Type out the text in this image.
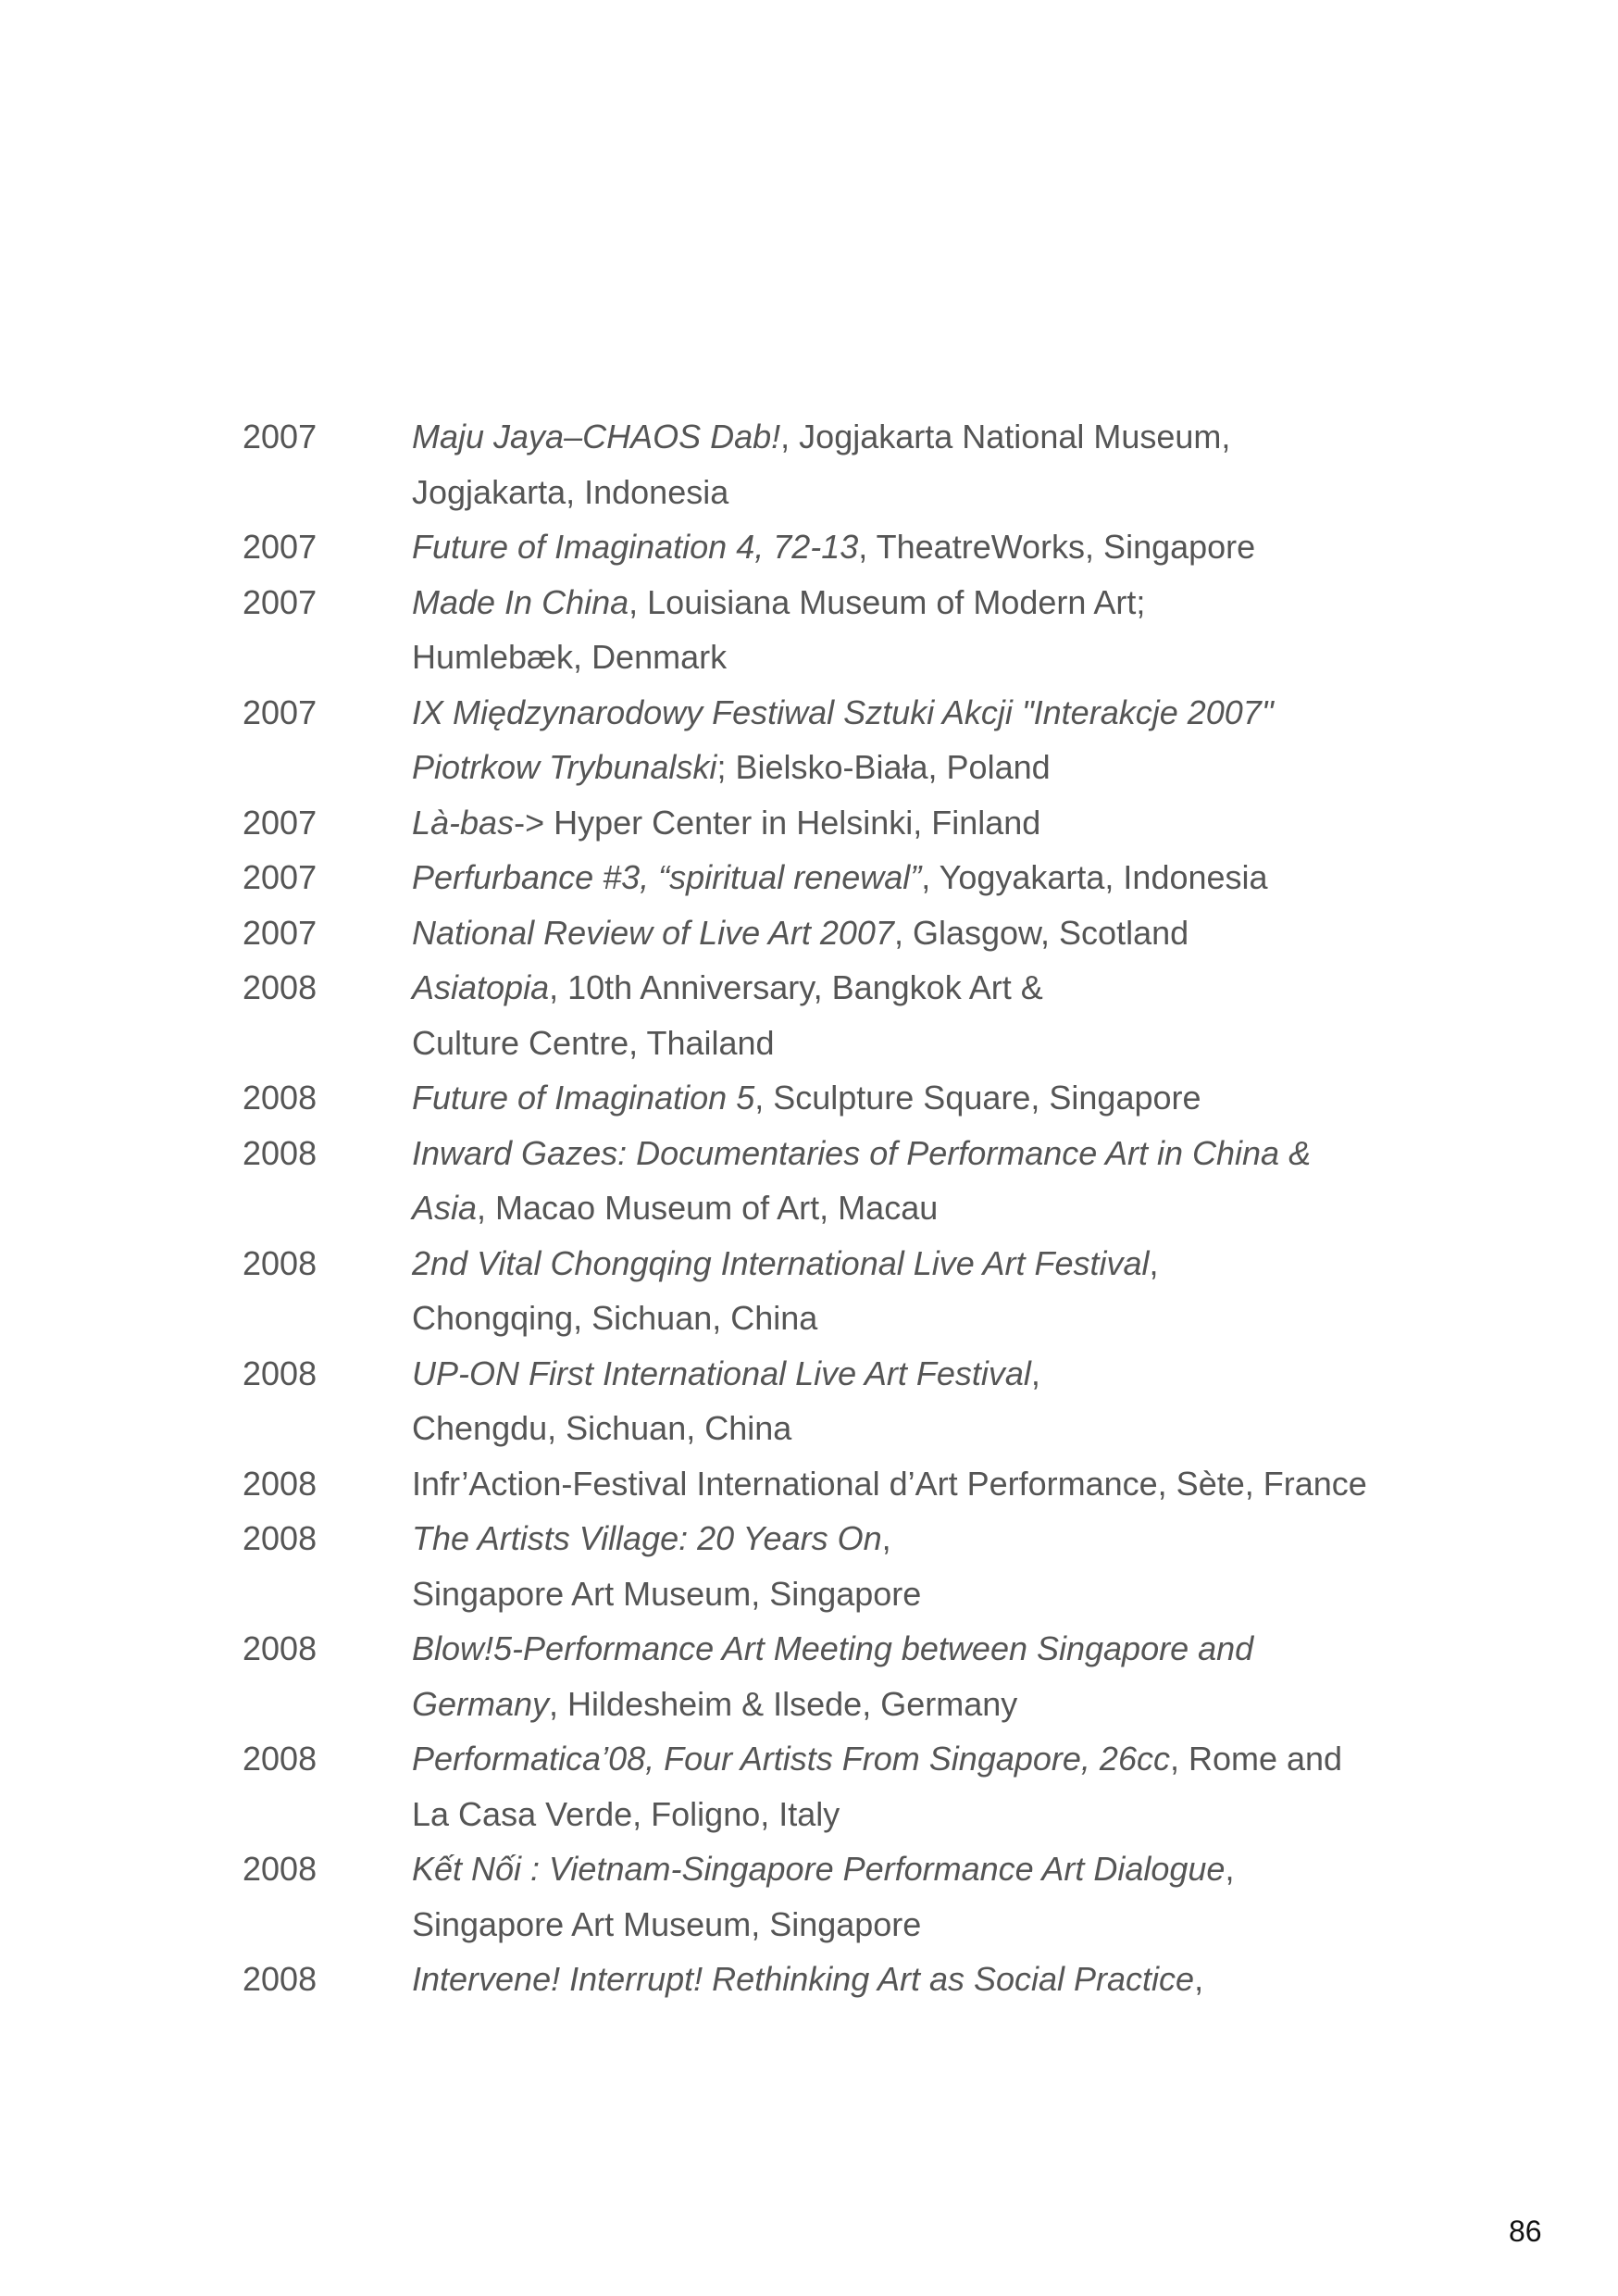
2007	Maju Jaya–CHAOS Dab!, Jogjakarta National Museum,
Jogjakarta, Indonesia
2007	Future of Imagination 4, 72-13, TheatreWorks, Singapore
2007	Made In China, Louisiana Museum of Modern Art;
Humlebæk, Denmark
2007	IX Międzynarodowy Festiwal Sztuki Akcji "Interakcje 2007"
Piotrkow Trybunalski; Bielsko-Biała, Poland
2007	Là-bas-> Hyper Center in Helsinki, Finland
2007	Perfurbance #3, “spiritual renewal”, Yogyakarta, Indonesia
2007	National Review of Live Art 2007, Glasgow, Scotland
2008	Asiatopia, 10th Anniversary, Bangkok Art &
Culture Centre, Thailand
2008	Future of Imagination 5, Sculpture Square, Singapore
2008	Inward Gazes: Documentaries of Performance Art in China &
Asia, Macao Museum of Art, Macau
2008	2nd Vital Chongqing International Live Art Festival,
Chongqing, Sichuan, China
2008	UP-ON First International Live Art Festival,
Chengdu, Sichuan, China
2008	Infr’Action-Festival International d’Art Performance, Sète, France
2008	The Artists Village: 20 Years On,
Singapore Art Museum, Singapore
2008	Blow!5-Performance Art Meeting between Singapore and
Germany, Hildesheim & Ilsede, Germany
2008	Performatica’08, Four Artists From Singapore, 26cc, Rome and
La Casa Verde, Foligno, Italy
2008	Kết Nối : Vietnam-Singapore Performance Art Dialogue,
Singapore Art Museum, Singapore
2008	Intervene! Interrupt! Rethinking Art as Social Practice,
86
